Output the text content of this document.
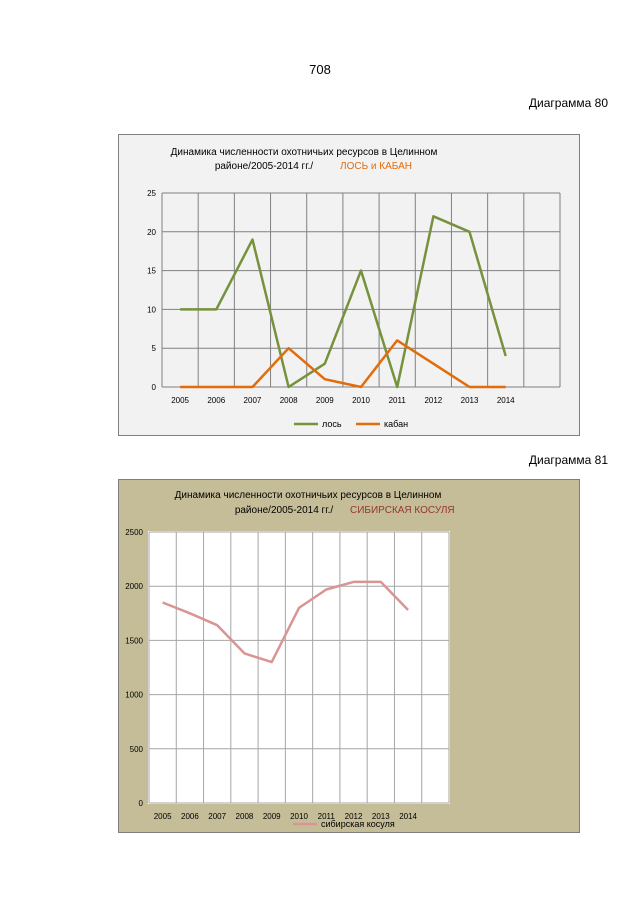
708
Диаграмма 80
Динамика численности охотничьих ресурсов в Целинном
районе/2005-2014 гг./	ЛОСЬ и КАБАН
0
5
10
15
20
25
2005 2006 2007 2008 2009 2010 2011 2012 2013 2014
лось	кабан
Диаграмма 81
Динамика численности охотничьих ресурсов в Целинном
районе/2005-2014 гг./ СИБИРСКАЯ КОСУЛЯ
0
500
1000
1500
2000
2500
2005 2006 2007 2008 2009 2010 2011 2012 2013 2014
сибирская косуля
